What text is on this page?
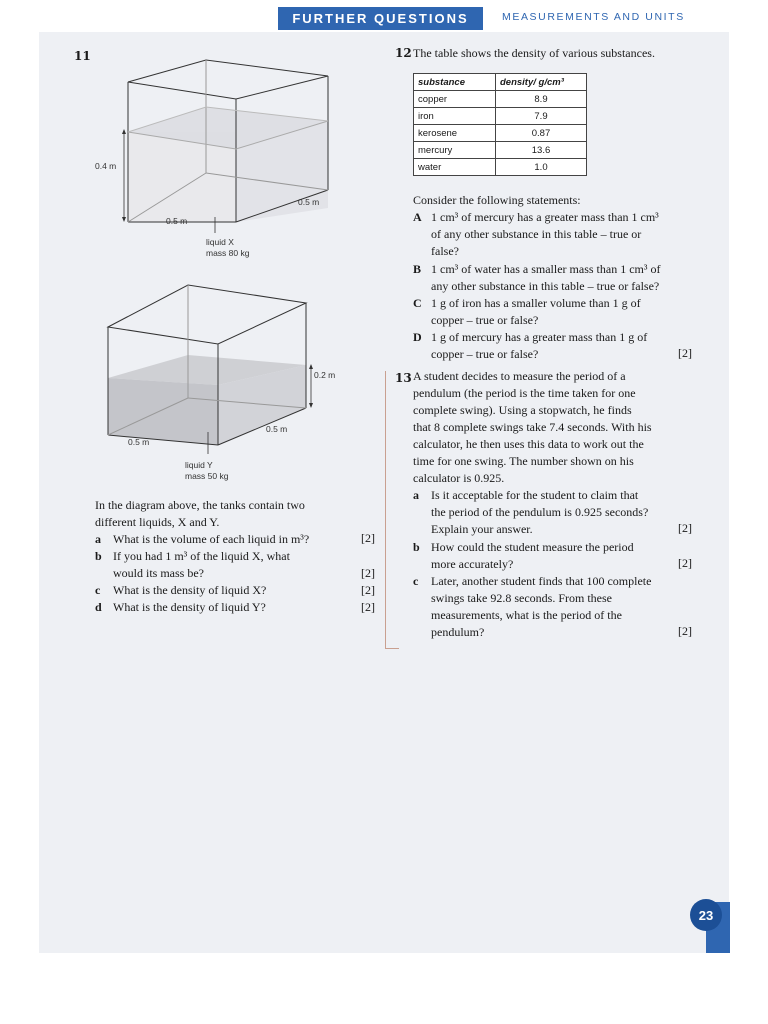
FURTHER QUESTIONS	MEASUREMENTS AND UNITS
11
0.4 m
0.5 m
0.5 m
liquid X
mass 80 kg
0.2 m
0.5 m
0.5 m
liquid Y
mass 50 kg
In the diagram above, the tanks contain two
different liquids, X and Y.
a What is the volume of each liquid in m³?	[2]
b If you had 1 m³ of the liquid X, what
would its mass be?	[2]
c What is the density of liquid X?	[2]
d What is the density of liquid Y?	[2]
12 The table shows the density of various substances.
substance	density/ g/cm³
copper	8.9
iron	7.9
kerosene	0.87
mercury	13.6
water	1.0
Consider the following statements:
A 1 cm³ of mercury has a greater mass than 1 cm³
of any other substance in this table – true or
false?
B 1 cm³ of water has a smaller mass than 1 cm³ of
any other substance in this table – true or false?
C 1 g of iron has a smaller volume than 1 g of
copper – true or false?
D 1 g of mercury has a greater mass than 1 g of
copper – true or false?	[2]
13 A student decides to measure the period of a
pendulum (the period is the time taken for one
complete swing). Using a stopwatch, he finds
that 8 complete swings take 7.4 seconds. With his
calculator, he then uses this data to work out the
time for one swing. The number shown on his
calculator is 0.925.
a Is it acceptable for the student to claim that
the period of the pendulum is 0.925 seconds?
Explain your answer.	[2]
b How could the student measure the period
more accurately?	[2]
c Later, another student finds that 100 complete
swings take 92.8 seconds. From these
measurements, what is the period of the
pendulum?	[2]
23
